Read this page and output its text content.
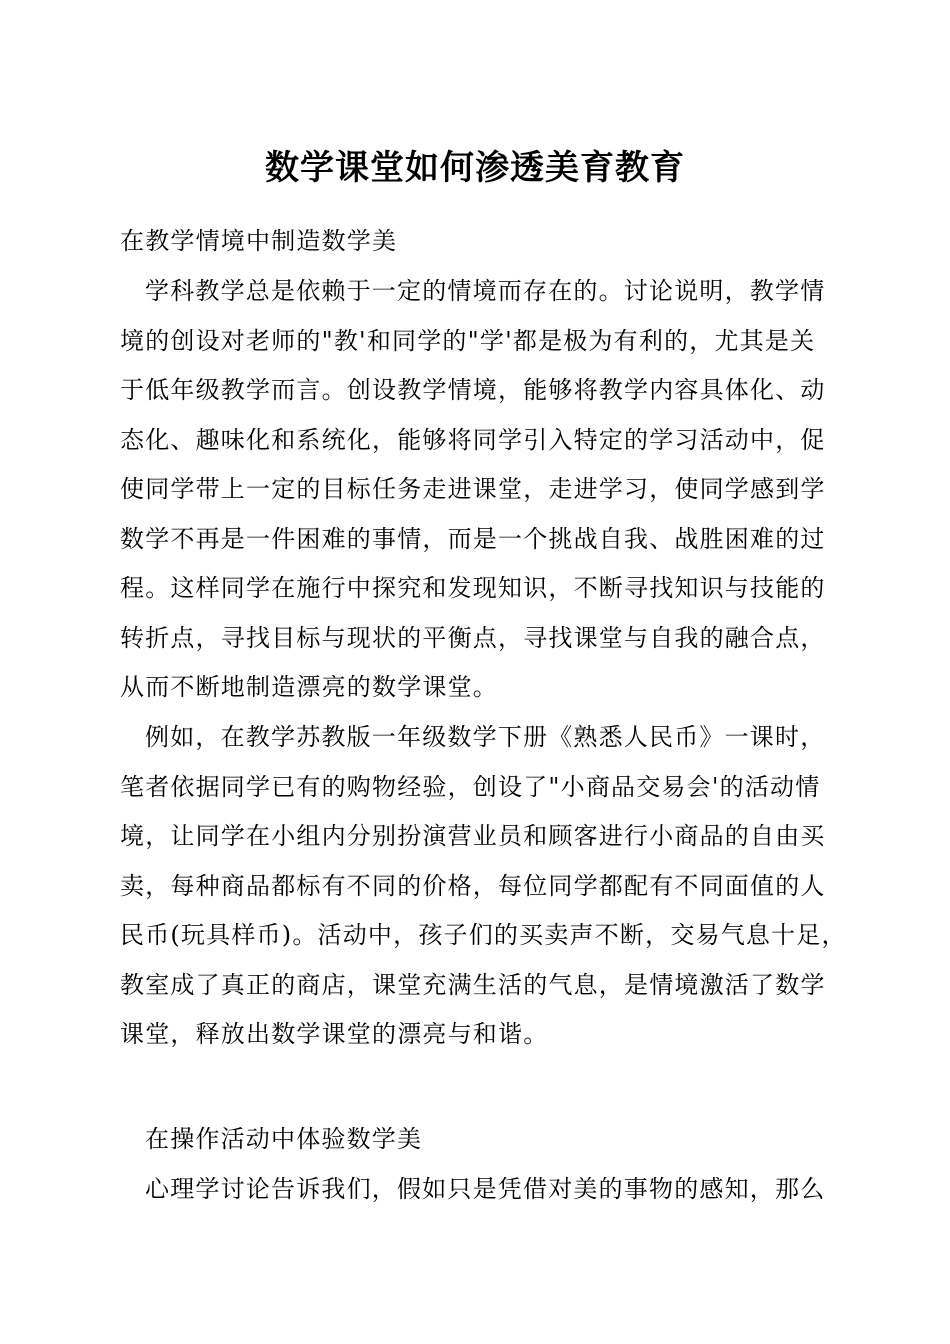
数学课堂如何渗透美育教育
在教学情境中制造数学美
学科教学总是依赖于一定的情境而存在的。讨论说明，教学情
境的创设对老师的"教'和同学的"学'都是极为有利的，尤其是关
于低年级教学而言。创设教学情境，能够将教学内容具体化、动
态化、趣味化和系统化，能够将同学引入特定的学习活动中，促
使同学带上一定的目标任务走进课堂，走进学习，使同学感到学
数学不再是一件困难的事情，而是一个挑战自我、战胜困难的过
程。这样同学在施行中探究和发现知识，不断寻找知识与技能的
转折点，寻找目标与现状的平衡点，寻找课堂与自我的融合点，
从而不断地制造漂亮的数学课堂。
例如，在教学苏教版一年级数学下册《熟悉人民币》一课时，
笔者依据同学已有的购物经验，创设了"小商品交易会'的活动情
境，让同学在小组内分别扮演营业员和顾客进行小商品的自由买
卖，每种商品都标有不同的价格，每位同学都配有不同面值的人
民币(玩具样币)。活动中，孩子们的买卖声不断，交易气息十足，
教室成了真正的商店，课堂充满生活的气息，是情境激活了数学
课堂，释放出数学课堂的漂亮与和谐。
在操作活动中体验数学美
心理学讨论告诉我们，假如只是凭借对美的事物的感知，那么
